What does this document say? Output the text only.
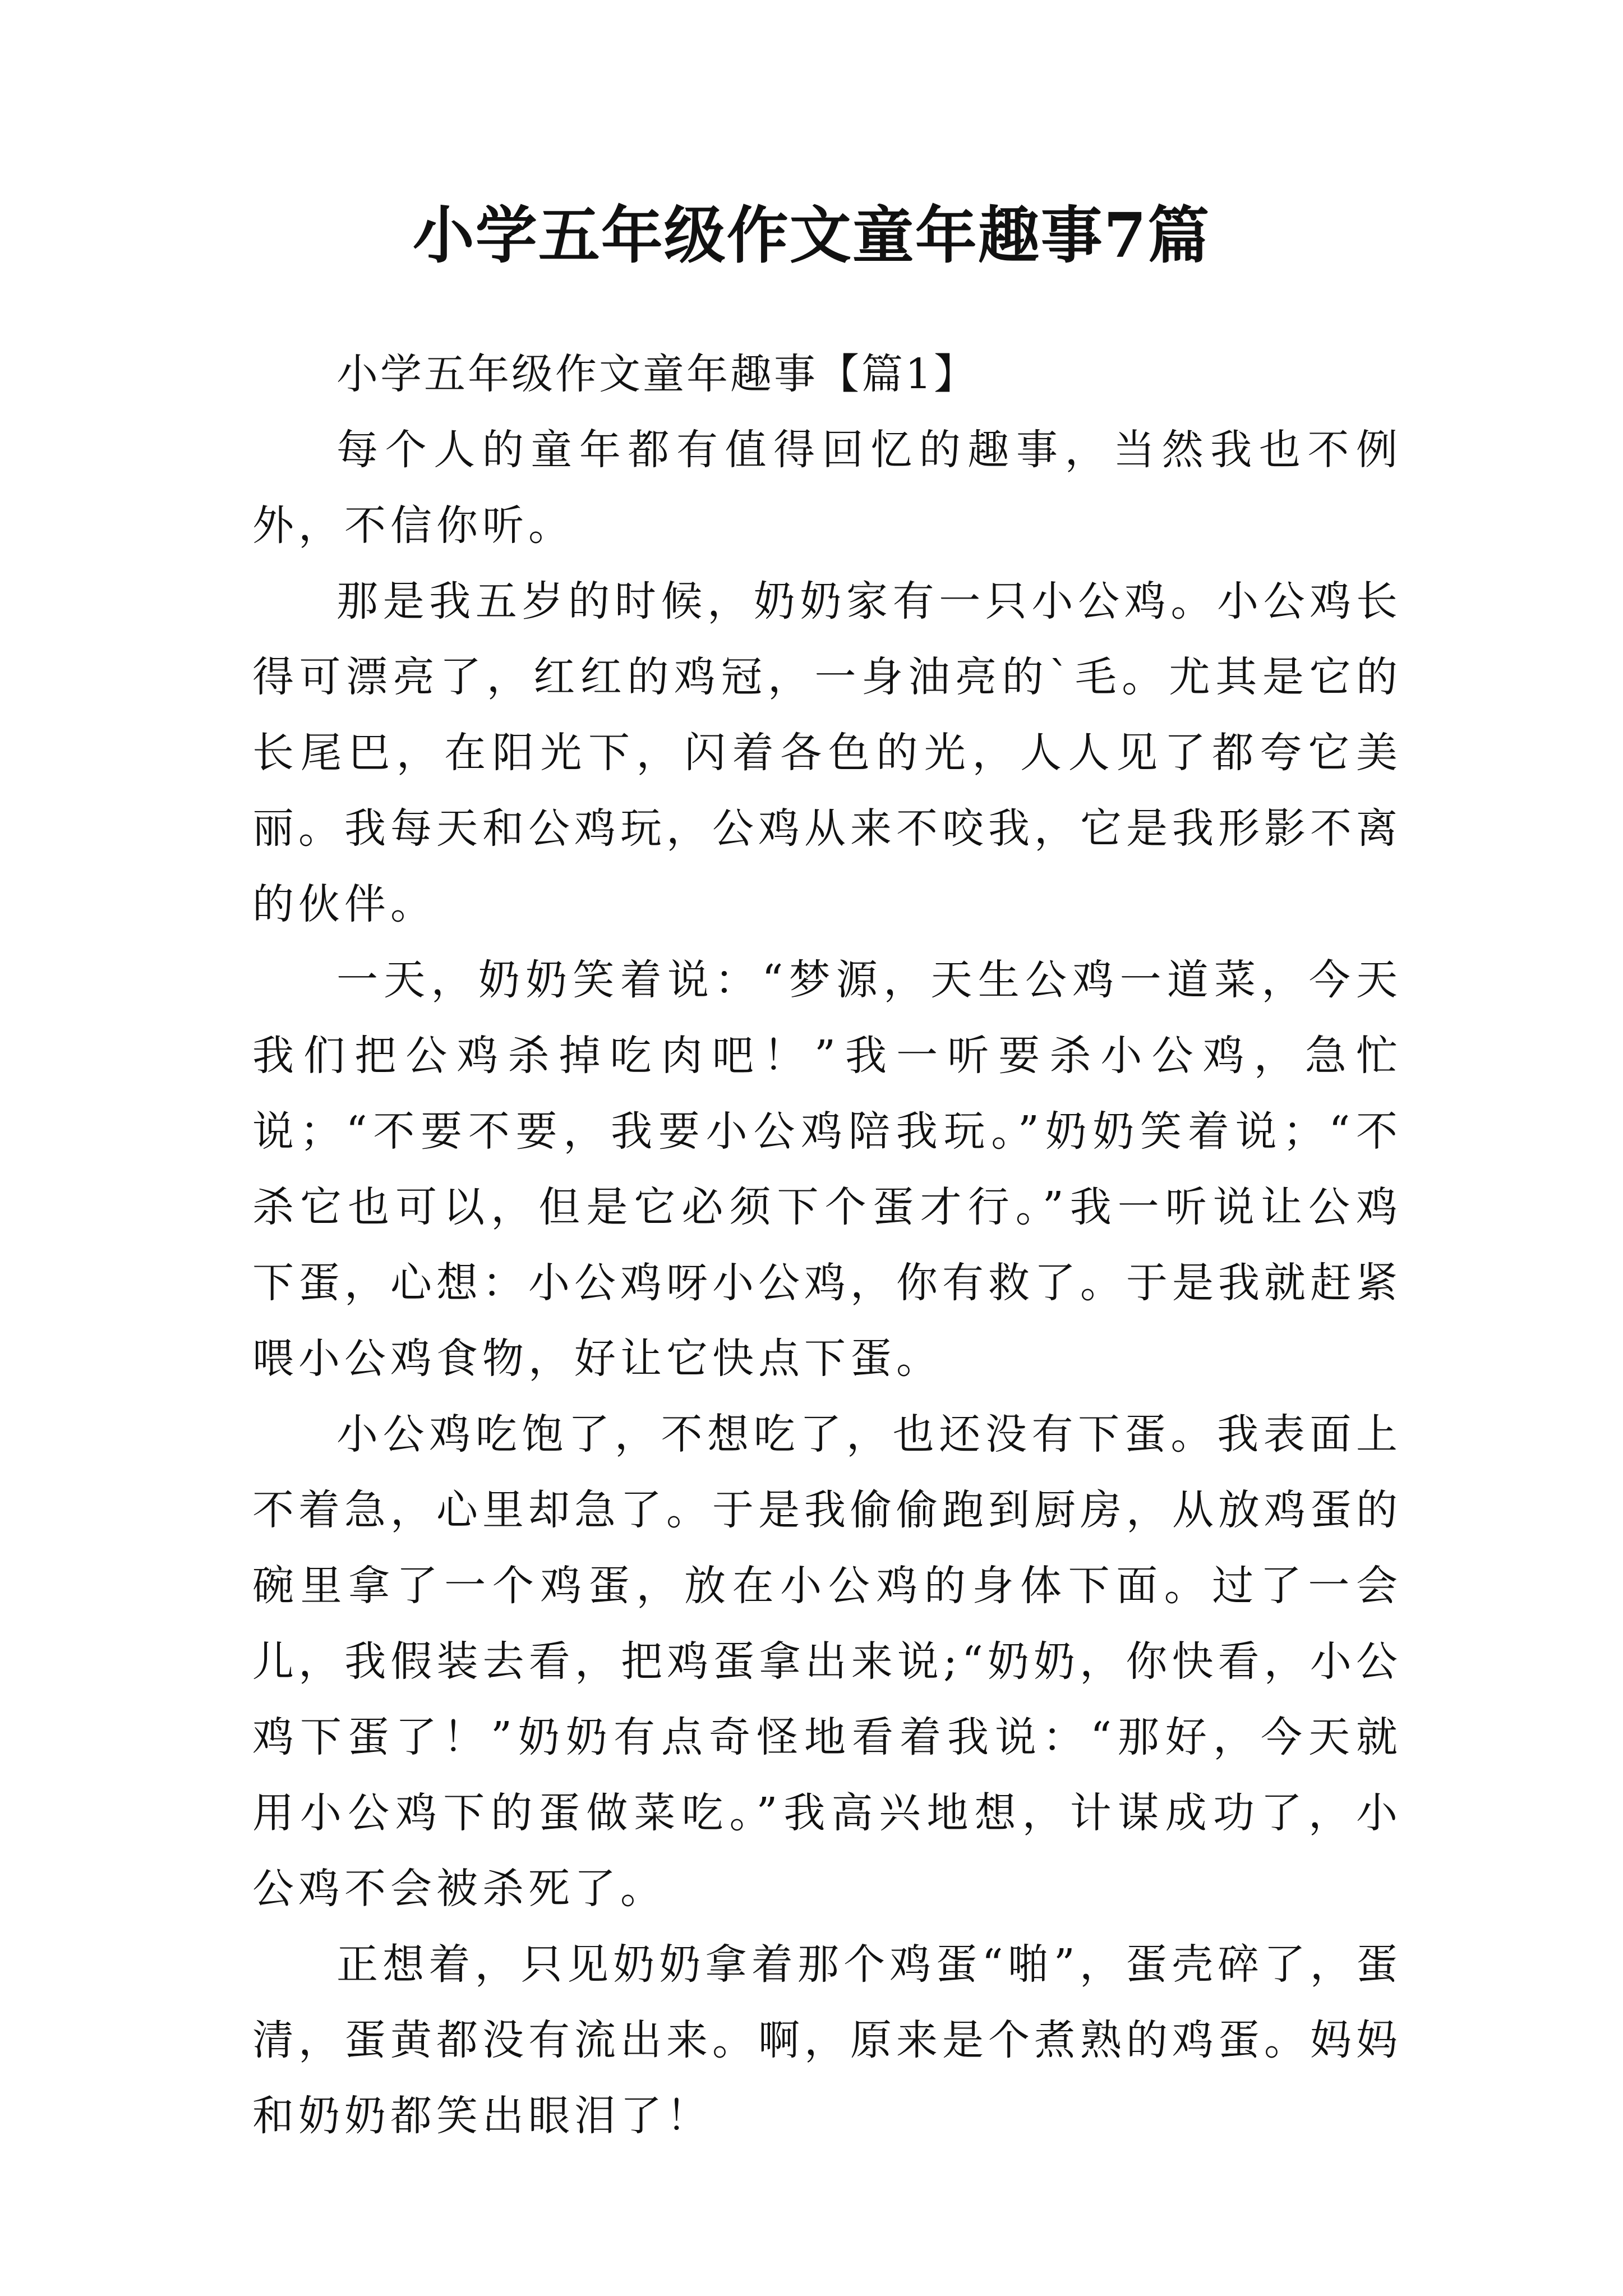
小学五年级作文童年趣事7篇

小学五年级作文童年趣事【篇1】

每个人的童年都有值得回忆的趣事，当然我也不例外，不信你听。

那是我五岁的时候，奶奶家有一只小公鸡。小公鸡长得可漂亮了，红红的鸡冠，一身油亮的`毛。尤其是它的长尾巴，在阳光下，闪着各色的光，人人见了都夸它美丽。我每天和公鸡玩，公鸡从来不咬我，它是我形影不离的伙伴。

一天，奶奶笑着说：“梦源，天生公鸡一道菜，今天我们把公鸡杀掉吃肉吧！”我一听要杀小公鸡，急忙说；“不要不要，我要小公鸡陪我玩。”奶奶笑着说；“不杀它也可以，但是它必须下个蛋才行。”我一听说让公鸡下蛋，心想：小公鸡呀小公鸡，你有救了。于是我就赶紧喂小公鸡食物，好让它快点下蛋。

小公鸡吃饱了，不想吃了，也还没有下蛋。我表面上不着急，心里却急了。于是我偷偷跑到厨房，从放鸡蛋的碗里拿了一个鸡蛋，放在小公鸡的身体下面。过了一会儿，我假装去看，把鸡蛋拿出来说;“奶奶，你快看，小公鸡下蛋了！”奶奶有点奇怪地看着我说：“那好，今天就用小公鸡下的蛋做菜吃。”我高兴地想，计谋成功了，小公鸡不会被杀死了。

正想着，只见奶奶拿着那个鸡蛋“啪”，蛋壳碎了，蛋清，蛋黄都没有流出来。啊，原来是个煮熟的鸡蛋。妈妈和奶奶都笑出眼泪了！
